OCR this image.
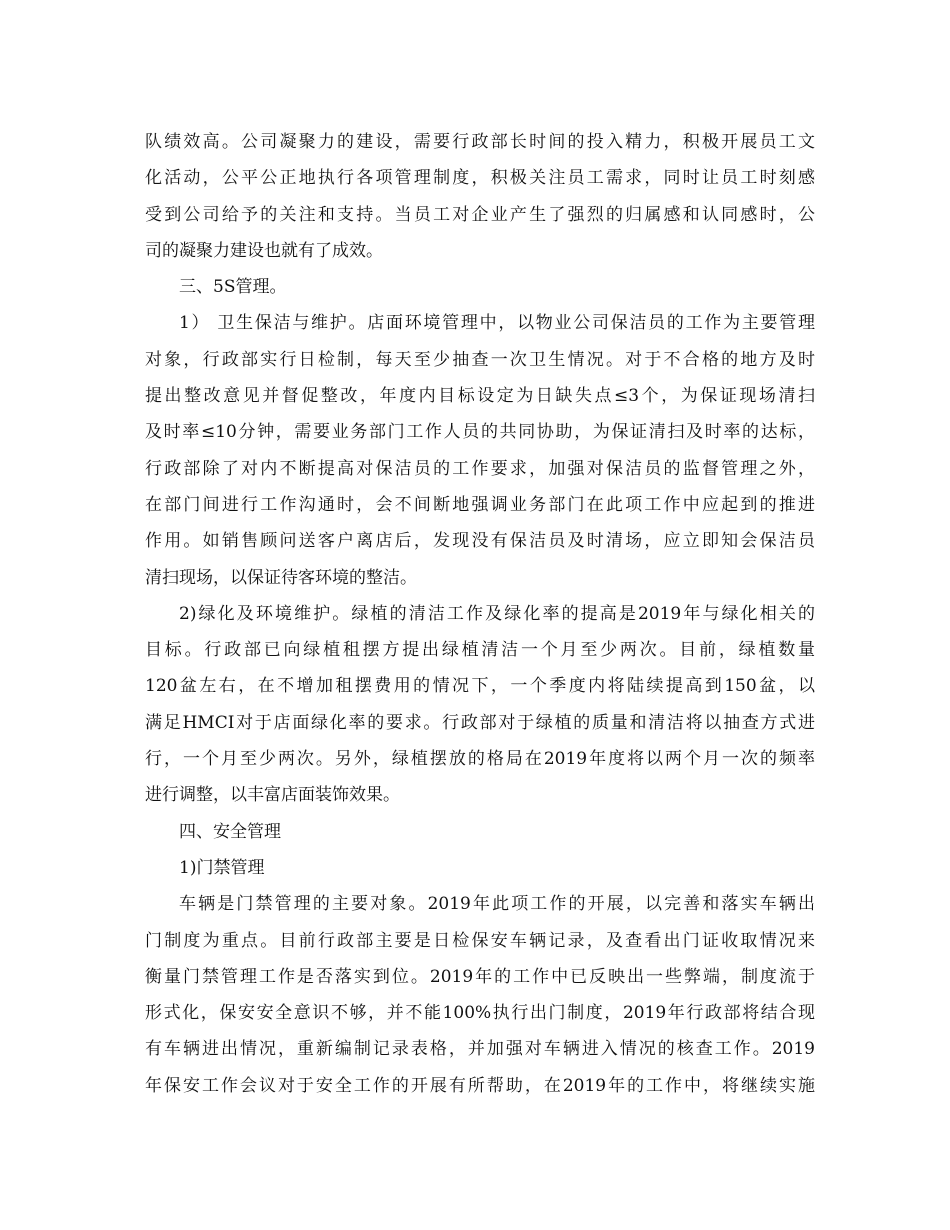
队绩效高。公司凝聚力的建设，需要行政部长时间的投入精力，积极开展员工文
化活动，公平公正地执行各项管理制度，积极关注员工需求，同时让员工时刻感
受到公司给予的关注和支持。当员工对企业产生了强烈的归属感和认同感时，公
司的凝聚力建设也就有了成效。
三、5S管理。
1） 卫生保洁与维护。店面环境管理中，以物业公司保洁员的工作为主要管理
对象，行政部实行日检制，每天至少抽查一次卫生情况。对于不合格的地方及时
提出整改意见并督促整改，年度内目标设定为日缺失点≤3个，为保证现场清扫
及时率≤10分钟，需要业务部门工作人员的共同协助，为保证清扫及时率的达标，
行政部除了对内不断提高对保洁员的工作要求，加强对保洁员的监督管理之外，
在部门间进行工作沟通时，会不间断地强调业务部门在此项工作中应起到的推进
作用。如销售顾问送客户离店后，发现没有保洁员及时清场，应立即知会保洁员
清扫现场，以保证待客环境的整洁。
2)绿化及环境维护。绿植的清洁工作及绿化率的提高是2019年与绿化相关的
目标。行政部已向绿植租摆方提出绿植清洁一个月至少两次。目前，绿植数量
120盆左右，在不增加租摆费用的情况下，一个季度内将陆续提高到150盆，以
满足HMCI对于店面绿化率的要求。行政部对于绿植的质量和清洁将以抽查方式进
行，一个月至少两次。另外，绿植摆放的格局在2019年度将以两个月一次的频率
进行调整，以丰富店面装饰效果。
四、安全管理
1)门禁管理
车辆是门禁管理的主要对象。2019年此项工作的开展，以完善和落实车辆出
门制度为重点。目前行政部主要是日检保安车辆记录，及查看出门证收取情况来
衡量门禁管理工作是否落实到位。2019年的工作中已反映出一些弊端，制度流于
形式化，保安安全意识不够，并不能100%执行出门制度，2019年行政部将结合现
有车辆进出情况，重新编制记录表格，并加强对车辆进入情况的核查工作。2019
年保安工作会议对于安全工作的开展有所帮助，在2019年的工作中，将继续实施
